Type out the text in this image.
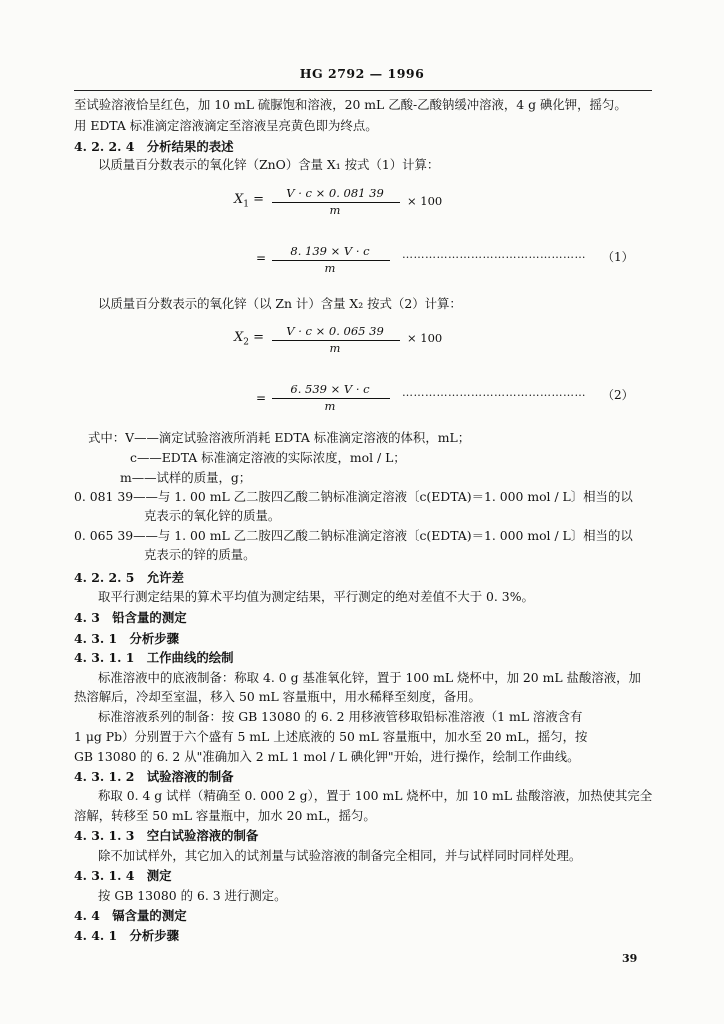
HG 2792 — 1996
至试验溶液恰呈红色，加 10 mL 硫脲饱和溶液，20 mL 乙酸-乙酸钠缓冲溶液，4 g 碘化钾，摇匀。
用 EDTA 标准滴定溶液滴定至溶液呈亮黄色即为终点。
4. 2. 2. 4　分析结果的表述
以质量百分数表示的氧化锌（ZnO）含量 X₁ 按式（1）计算：
$X_1$ =	V · c × 0. 081 39
m
× 100
=	8. 139 × V · c
m
…………………………………………	（1）
以质量百分数表示的氧化锌（以 Zn 计）含量 X₂ 按式（2）计算：
$X_2$ =	V · c × 0. 065 39
m
× 100
=
6. 539 × V · c
m
…………………………………………	（2）
式中：V——滴定试验溶液所消耗 EDTA 标准滴定溶液的体积，mL；
c——EDTA 标准滴定溶液的实际浓度，mol / L；
m——试样的质量，g；
0. 081 39——与 1. 00 mL 乙二胺四乙酸二钠标准滴定溶液〔c(EDTA)＝1. 000 mol / L〕相当的以
克表示的氧化锌的质量。
0. 065 39——与 1. 00 mL 乙二胺四乙酸二钠标准滴定溶液〔c(EDTA)＝1. 000 mol / L〕相当的以
克表示的锌的质量。
4. 2. 2. 5　允许差
取平行测定结果的算术平均值为测定结果，平行测定的绝对差值不大于 0. 3%。
4. 3　铅含量的测定
4. 3. 1　分析步骤
4. 3. 1. 1　工作曲线的绘制
标准溶液中的底液制备：称取 4. 0 g 基准氧化锌，置于 100 mL 烧杯中，加 20 mL 盐酸溶液，加
热溶解后，冷却至室温，移入 50 mL 容量瓶中，用水稀释至刻度，备用。
标准溶液系列的制备：按 GB 13080 的 6. 2 用移液管移取铅标准溶液（1 mL 溶液含有
1 μg Pb）分别置于六个盛有 5 mL 上述底液的 50 mL 容量瓶中，加水至 20 mL，摇匀，按
GB 13080 的 6. 2 从"准确加入 2 mL 1 mol / L 碘化钾"开始，进行操作，绘制工作曲线。
4. 3. 1. 2　试验溶液的制备
称取 0. 4 g 试样（精确至 0. 000 2 g），置于 100 mL 烧杯中，加 10 mL 盐酸溶液，加热使其完全
溶解，转移至 50 mL 容量瓶中，加水 20 mL，摇匀。
4. 3. 1. 3　空白试验溶液的制备
除不加试样外，其它加入的试剂量与试验溶液的制备完全相同，并与试样同时同样处理。
4. 3. 1. 4　测定
按 GB 13080 的 6. 3 进行测定。
4. 4　镉含量的测定
4. 4. 1　分析步骤
39
